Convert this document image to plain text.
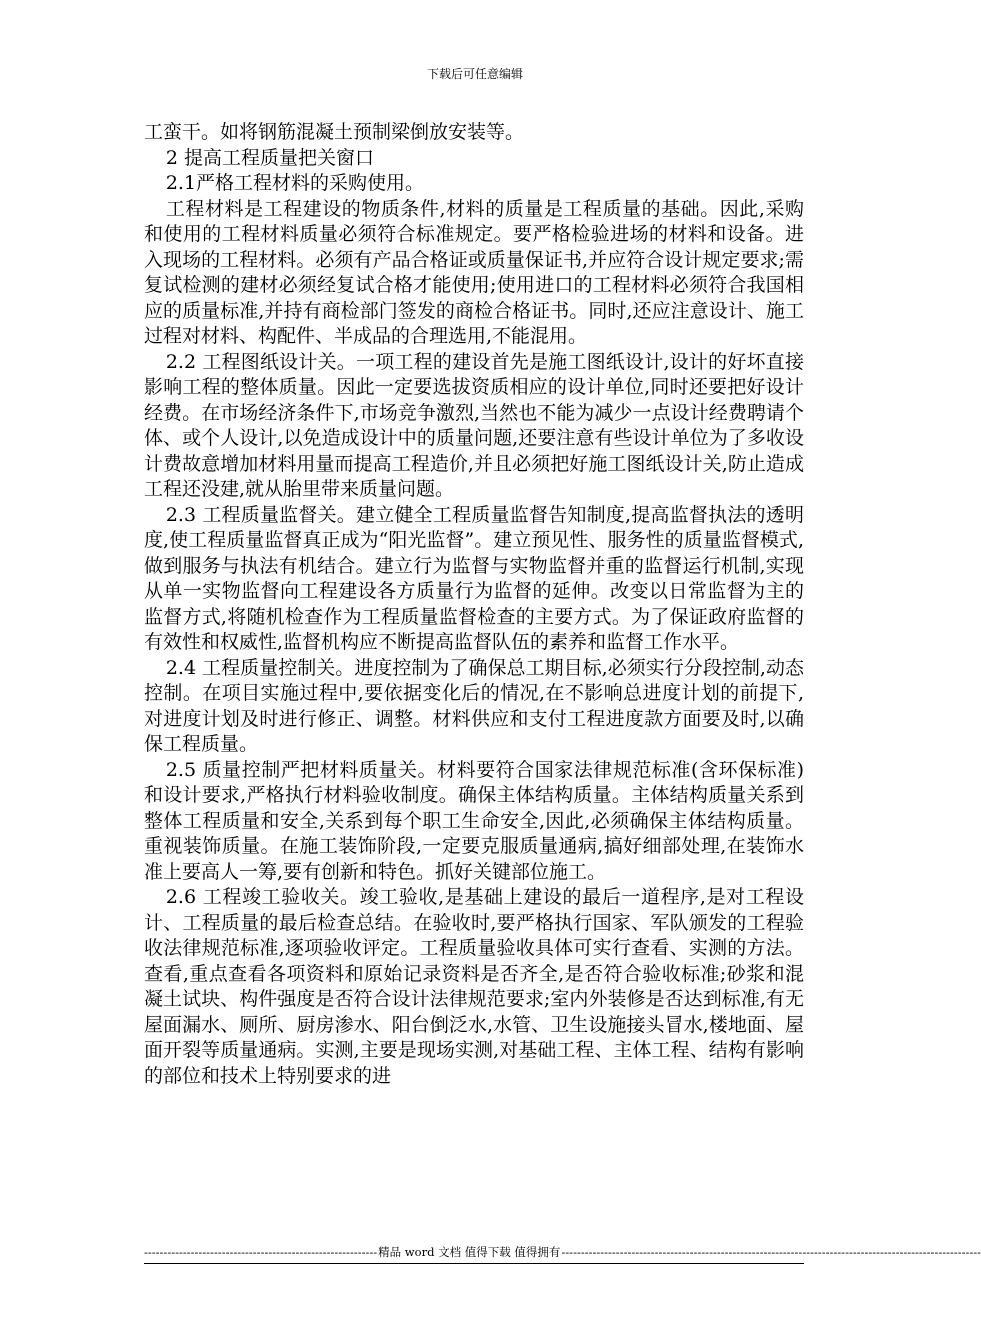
下载后可任意编辑

工蛮干。如将钢筋混凝土预制梁倒放安装等。

2 提高工程质量把关窗口

2.1严格工程材料的采购使用。

工程材料是工程建设的物质条件,材料的质量是工程质量的基础。因此,采购和使用的工程材料质量必须符合标准规定。要严格检验进场的材料和设备。进入现场的工程材料。必须有产品合格证或质量保证书,并应符合设计规定要求;需复试检测的建材必须经复试合格才能使用;使用进口的工程材料必须符合我国相应的质量标准,并持有商检部门签发的商检合格证书。同时,还应注意设计、施工过程对材料、构配件、半成品的合理选用,不能混用。

2.2 工程图纸设计关。一项工程的建设首先是施工图纸设计,设计的好坏直接影响工程的整体质量。因此一定要选拔资质相应的设计单位,同时还要把好设计经费。在市场经济条件下,市场竞争激烈,当然也不能为减少一点设计经费聘请个体、或个人设计,以免造成设计中的质量问题,还要注意有些设计单位为了多收设计费故意增加材料用量而提高工程造价,并且必须把好施工图纸设计关,防止造成工程还没建,就从胎里带来质量问题。

2.3 工程质量监督关。建立健全工程质量监督告知制度,提高监督执法的透明度,使工程质量监督真正成为“阳光监督”。建立预见性、服务性的质量监督模式,做到服务与执法有机结合。建立行为监督与实物监督并重的监督运行机制,实现从单一实物监督向工程建设各方质量行为监督的延伸。改变以日常监督为主的监督方式,将随机检查作为工程质量监督检查的主要方式。为了保证政府监督的有效性和权威性,监督机构应不断提高监督队伍的素养和监督工作水平。

2.4 工程质量控制关。进度控制为了确保总工期目标,必须实行分段控制,动态控制。在项目实施过程中,要依据变化后的情况,在不影响总进度计划的前提下,对进度计划及时进行修正、调整。材料供应和支付工程进度款方面要及时,以确保工程质量。

2.5 质量控制严把材料质量关。材料要符合国家法律规范标准(含环保标准)和设计要求,严格执行材料验收制度。确保主体结构质量。主体结构质量关系到整体工程质量和安全,关系到每个职工生命安全,因此,必须确保主体结构质量。重视装饰质量。在施工装饰阶段,一定要克服质量通病,搞好细部处理,在装饰水准上要高人一筹,要有创新和特色。抓好关键部位施工。

2.6 工程竣工验收关。竣工验收,是基础上建设的最后一道程序,是对工程设计、工程质量的最后检查总结。在验收时,要严格执行国家、军队颁发的工程验收法律规范标准,逐项验收评定。工程质量验收具体可实行查看、实测的方法。查看,重点查看各项资料和原始记录资料是否齐全,是否符合验收标准;砂浆和混凝土试块、构件强度是否符合设计法律规范要求;室内外装修是否达到标准,有无屋面漏水、厕所、厨房渗水、阳台倒泛水,水管、卫生设施接头冒水,楼地面、屋面开裂等质量通病。实测,主要是现场实测,对基础工程、主体工程、结构有影响的部位和技术上特别要求的进

------------------------------------------------------------ 精品 word 文档 值得下载 值得拥有 ------------------------------------------------------------------------------------------------------------
